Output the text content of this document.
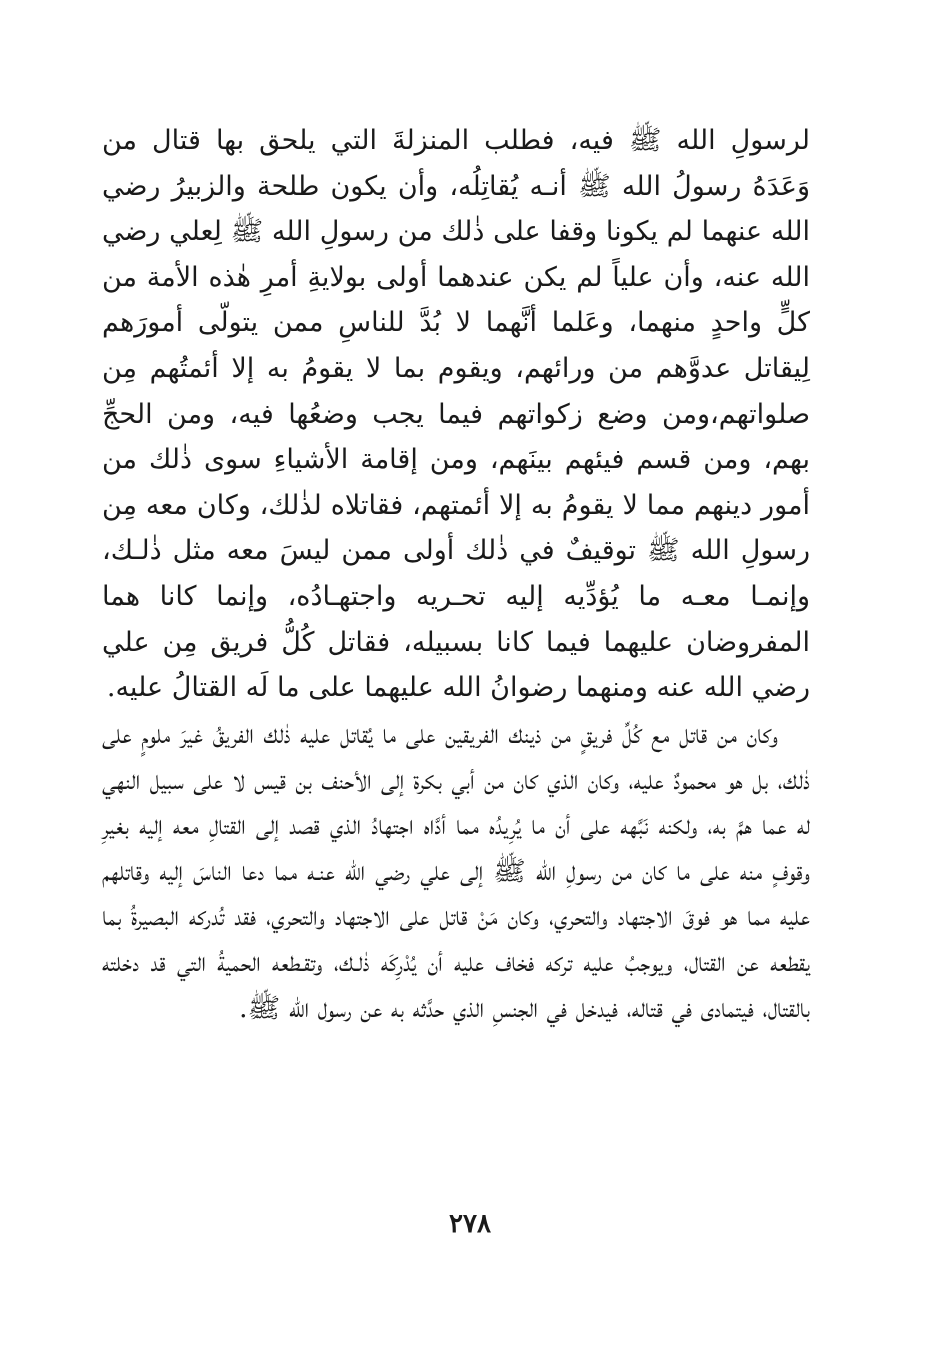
لرسولِ الله ﷺ فيه، فطلب المنزلةَ التي يلحق بها قتال من وَعَدَهُ رسولُ الله ﷺ أنـه يُقاتِلُه، وأن يكون طلحة والزبيرُ رضي الله عنهما لم يكونا وقفا على ذٰلك من رسولِ الله ﷺ لِعلي رضي الله عنه، وأن علياً لم يكن عندهما أولى بولايةِ أمرِ هٰذه الأمة من كلٍّ واحدٍ منهما، وعَلما أنَّهما لا بُدَّ للناسِ ممن يتولّى أمورَهم لِيقاتل عدوَّهم من ورائهم، ويقوم بما لا يقومُ به إلا أئمتُهم مِن صلواتهم،ومن وضع زكواتهم فيما يجب وضعُها فيه، ومن الحجِّ بهم، ومن قسم فيئهم بينَهم، ومن إقامة الأشياءِ سوى ذٰلك من أمور دينهم مما لا يقومُ به إلا أئمتهم، فقاتلاه لذٰلك، وكان معه مِن رسولِ الله ﷺ توقيفٌ في ذٰلك أولى ممن ليسَ معه مثل ذٰلـك، وإنمـا معـه ما يُؤدِّيه إليه تحـريه واجتهـادُه، وإنما كانا هما المفروضان عليهما فيما كانا بسبيله، فقاتل كُلُّ فريق مِن علي رضي الله عنه ومنهما رضوانُ الله عليهما على ما لَه القتالُ عليه.

وكان من قاتل مع كُلِّ فريقٍ من ذينك الفريقين على ما يُقاتل عليه ذٰلك الفريقُ غيرَ ملومٍ على ذٰلك، بل هو محمودٌ عليه، وكان الذي كان من أبي بكرة إلى الأحنف بن قيس لا على سبيل النهي له عما همَّ به، ولكنه نَبَّهه على أن ما يُرِيدُه مما أدَّاه اجتهادُ الذي قصد إلى القتالِ معه إليه بغيرِ وقوفٍ منه على ما كان من رسولِ الله ﷺ إلى علي رضي الله عنـه مما دعا الناسَ إليه وقاتلهم عليه مما هو فوقَ الاجتهاد والتحري، وكان مَنْ قاتل على الاجتهاد والتحري، فقد تُدركه البصيرةُ بما يقطعه عن القتال، ويوجبُ عليه تركه فخاف عليه أن يُدْرِكَه ذٰلـك، وتقـطعه الحميةُ التي قد دخلته بالقتال، فيتمادى في قتاله، فيدخل في الجنسِ الذي حدَّثه به عن رسول الله ﷺ.

٢٧٨
